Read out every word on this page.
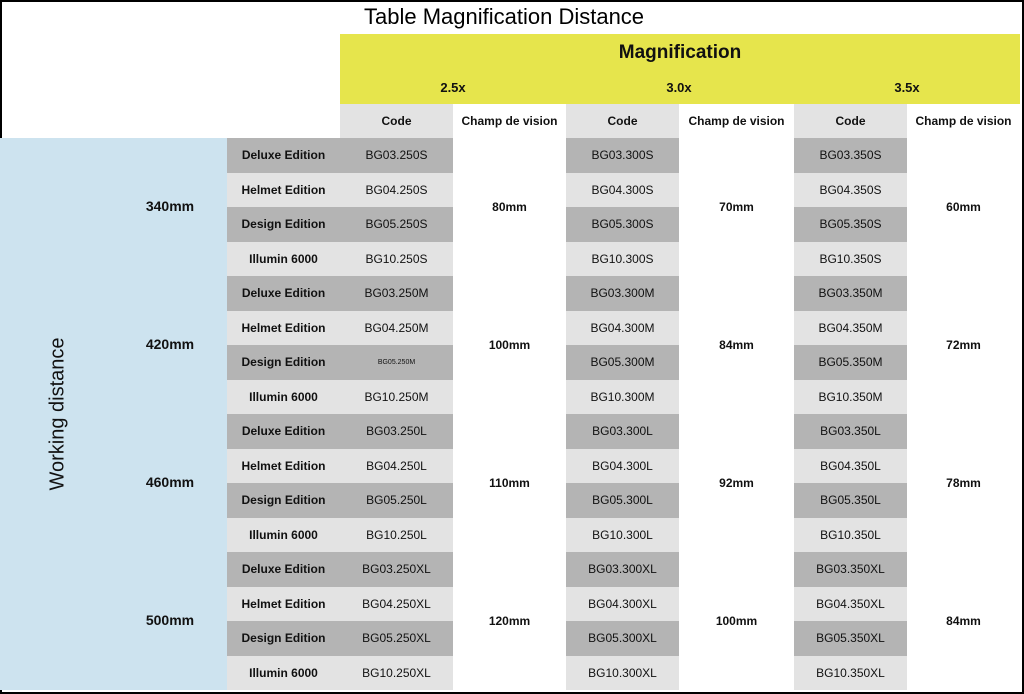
Table Magnification Distance
Magnification
2.5x	3.0x	3.5x
Code	Champ de vision	Code	Champ de vision	Code	Champ de vision
Working distance
340mm	80mm	70mm	60mm
Deluxe Edition	BG03.250S	BG03.300S	BG03.350S
Helmet Edition	BG04.250S	BG04.300S	BG04.350S
Design Edition	BG05.250S	BG05.300S	BG05.350S
Illumin 6000	BG10.250S	BG10.300S	BG10.350S
420mm	100mm	84mm	72mm
Deluxe Edition	BG03.250M	BG03.300M	BG03.350M
Helmet Edition	BG04.250M	BG04.300M	BG04.350M
Design Edition	BG05.250M	BG05.300M	BG05.350M
Illumin 6000	BG10.250M	BG10.300M	BG10.350M
460mm	110mm	92mm	78mm
Deluxe Edition	BG03.250L	BG03.300L	BG03.350L
Helmet Edition	BG04.250L	BG04.300L	BG04.350L
Design Edition	BG05.250L	BG05.300L	BG05.350L
Illumin 6000	BG10.250L	BG10.300L	BG10.350L
500mm	120mm	100mm	84mm
Deluxe Edition	BG03.250XL	BG03.300XL	BG03.350XL
Helmet Edition	BG04.250XL	BG04.300XL	BG04.350XL
Design Edition	BG05.250XL	BG05.300XL	BG05.350XL
Illumin 6000	BG10.250XL	BG10.300XL	BG10.350XL
